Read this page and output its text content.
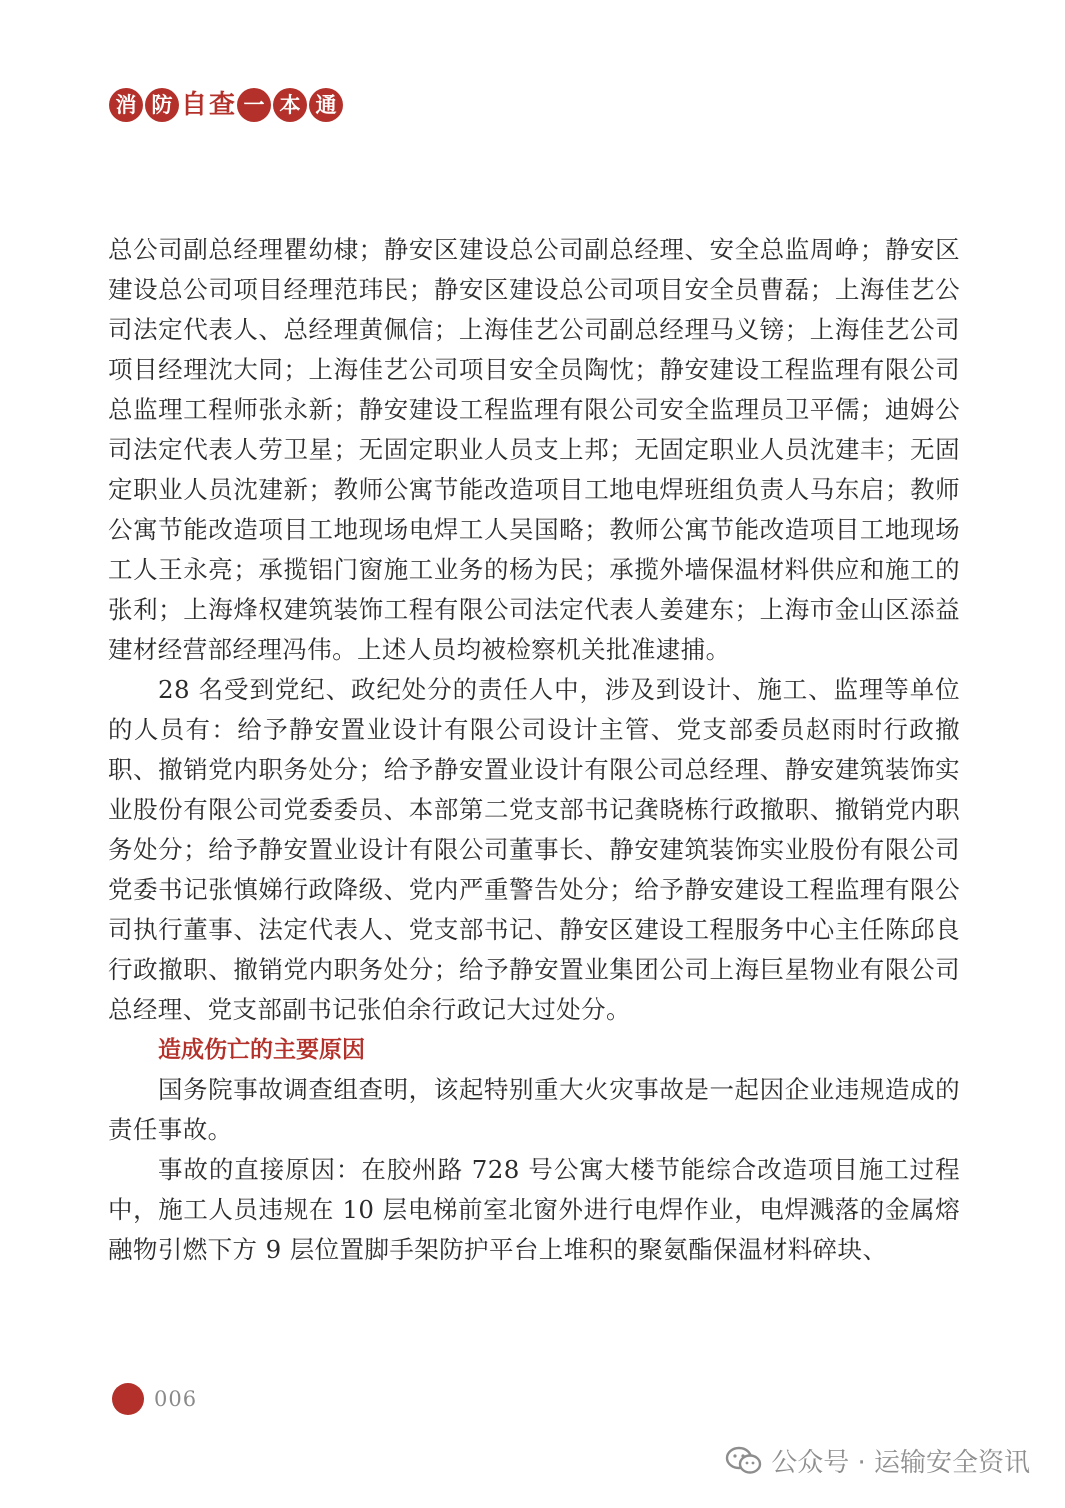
消 防 自 查 一 本 通

总公司副总经理瞿幼棣；静安区建设总公司副总经理、安全总监周峥；静安区建设总公司项目经理范玮民；静安区建设总公司项目安全员曹磊；上海佳艺公司法定代表人、总经理黄佩信；上海佳艺公司副总经理马义镑；上海佳艺公司项目经理沈大同；上海佳艺公司项目安全员陶忱；静安建设工程监理有限公司总监理工程师张永新；静安建设工程监理有限公司安全监理员卫平儒；迪姆公司法定代表人劳卫星；无固定职业人员支上邦；无固定职业人员沈建丰；无固定职业人员沈建新；教师公寓节能改造项目工地电焊班组负责人马东启；教师公寓节能改造项目工地现场电焊工人吴国略；教师公寓节能改造项目工地现场工人王永亮；承揽铝门窗施工业务的杨为民；承揽外墙保温材料供应和施工的张利；上海烽权建筑装饰工程有限公司法定代表人姜建东；上海市金山区添益建材经营部经理冯伟。上述人员均被检察机关批准逮捕。

28 名受到党纪、政纪处分的责任人中，涉及到设计、施工、监理等单位的人员有：给予静安置业设计有限公司设计主管、党支部委员赵雨时行政撤职、撤销党内职务处分；给予静安置业设计有限公司总经理、静安建筑装饰实业股份有限公司党委委员、本部第二党支部书记龚晓栋行政撤职、撤销党内职务处分；给予静安置业设计有限公司董事长、静安建筑装饰实业股份有限公司党委书记张慎娣行政降级、党内严重警告处分；给予静安建设工程监理有限公司执行董事、法定代表人、党支部书记、静安区建设工程服务中心主任陈邱良行政撤职、撤销党内职务处分；给予静安置业集团公司上海巨星物业有限公司总经理、党支部副书记张伯余行政记大过处分。

造成伤亡的主要原因

国务院事故调查组查明，该起特别重大火灾事故是一起因企业违规造成的责任事故。

事故的直接原因：在胶州路 728 号公寓大楼节能综合改造项目施工过程中，施工人员违规在 10 层电梯前室北窗外进行电焊作业，电焊溅落的金属熔融物引燃下方 9 层位置脚手架防护平台上堆积的聚氨酯保温材料碎块、

006
公众号 · 运输安全资讯
